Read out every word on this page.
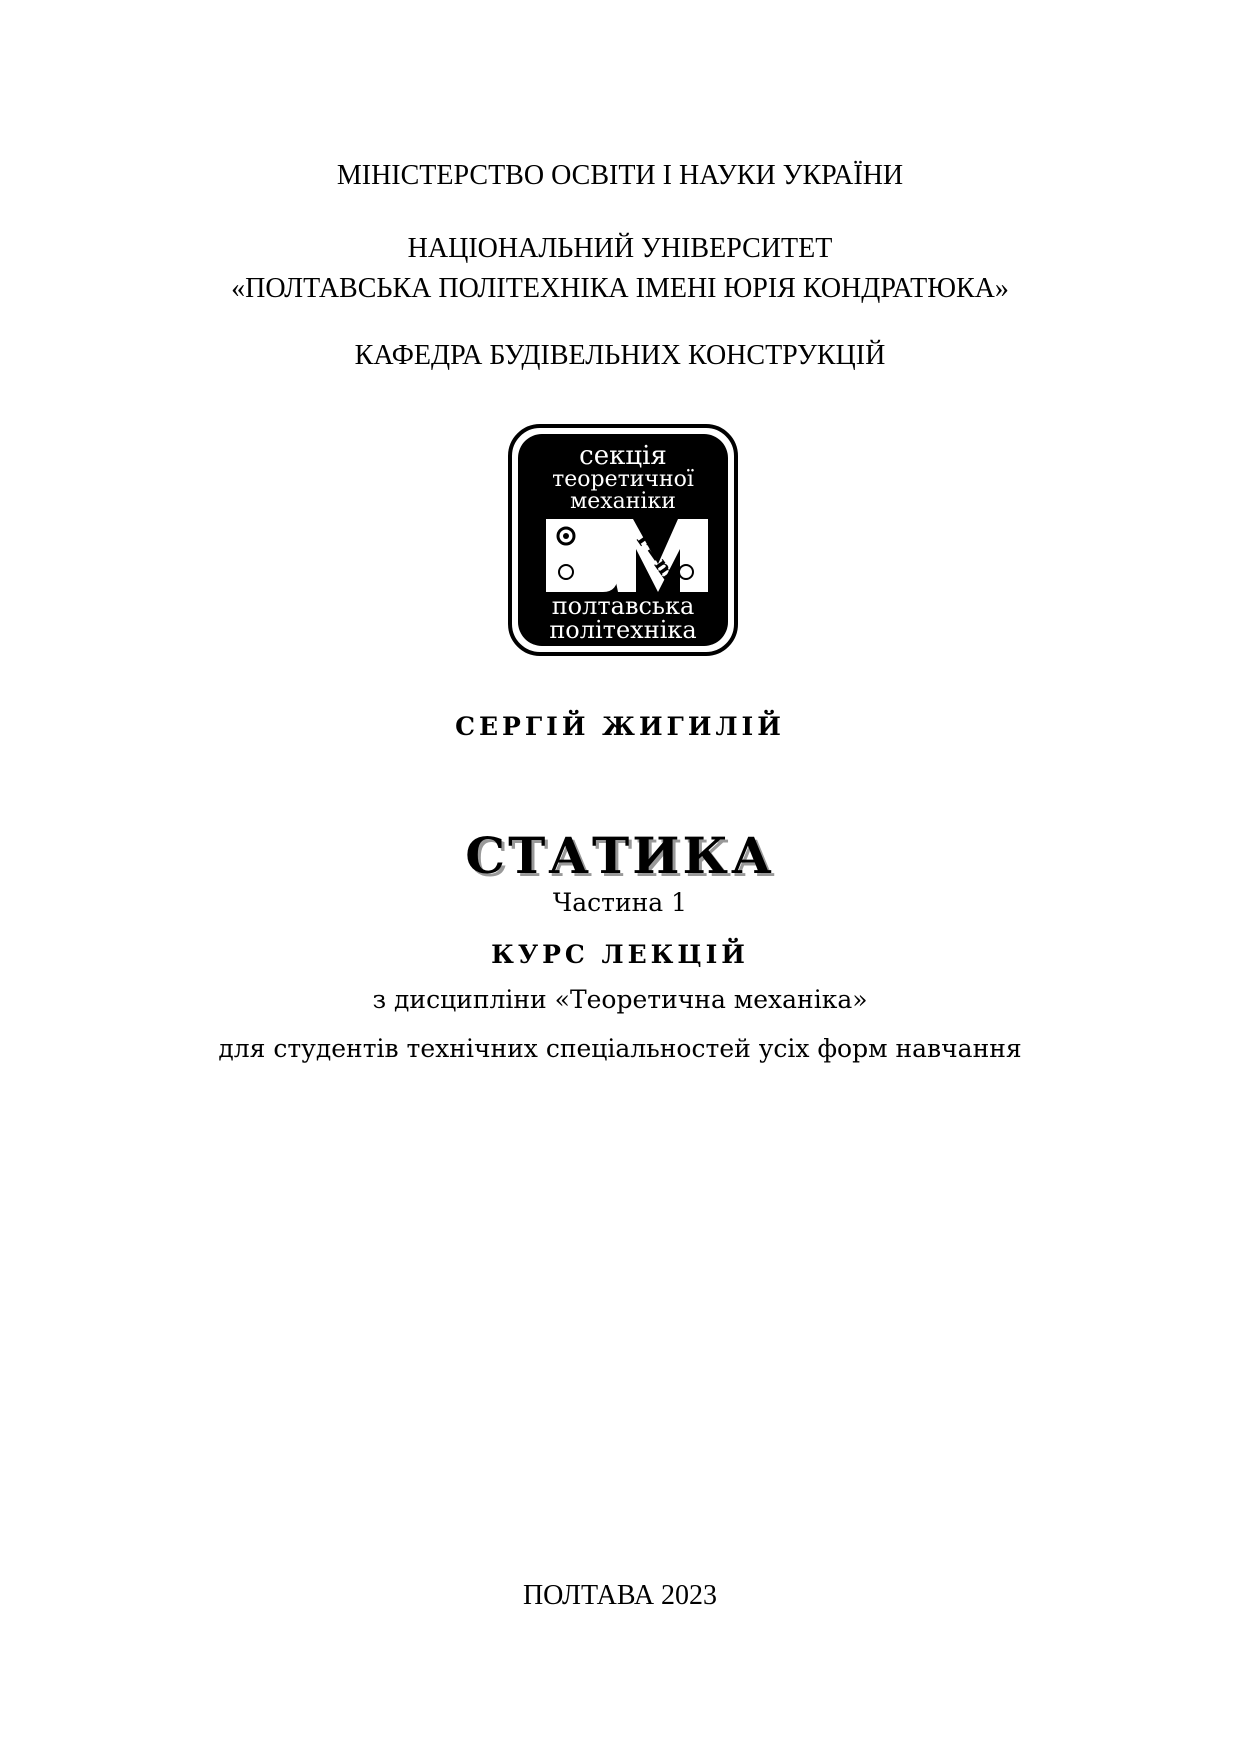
МІНІСТЕРСТВО ОСВІТИ І НАУКИ УКРАЇНИ
НАЦІОНАЛЬНИЙ УНІВЕРСИТЕТ
«ПОЛТАВСЬКА ПОЛІТЕХНІКА ІМЕНІ ЮРІЯ КОНДРАТЮКА»
КАФЕДРА БУДІВЕЛЬНИХ КОНСТРУКЦІЙ
секція
теоретичної
механіки
полтавська
політехніка
F=ma
СЕРГІЙ ЖИГИЛІЙ
СТАТИКА
Частина 1
КУРС ЛЕКЦІЙ
з дисципліни «Теоретична механіка»
для студентів технічних спеціальностей усіх форм навчання
ПОЛТАВА 2023
